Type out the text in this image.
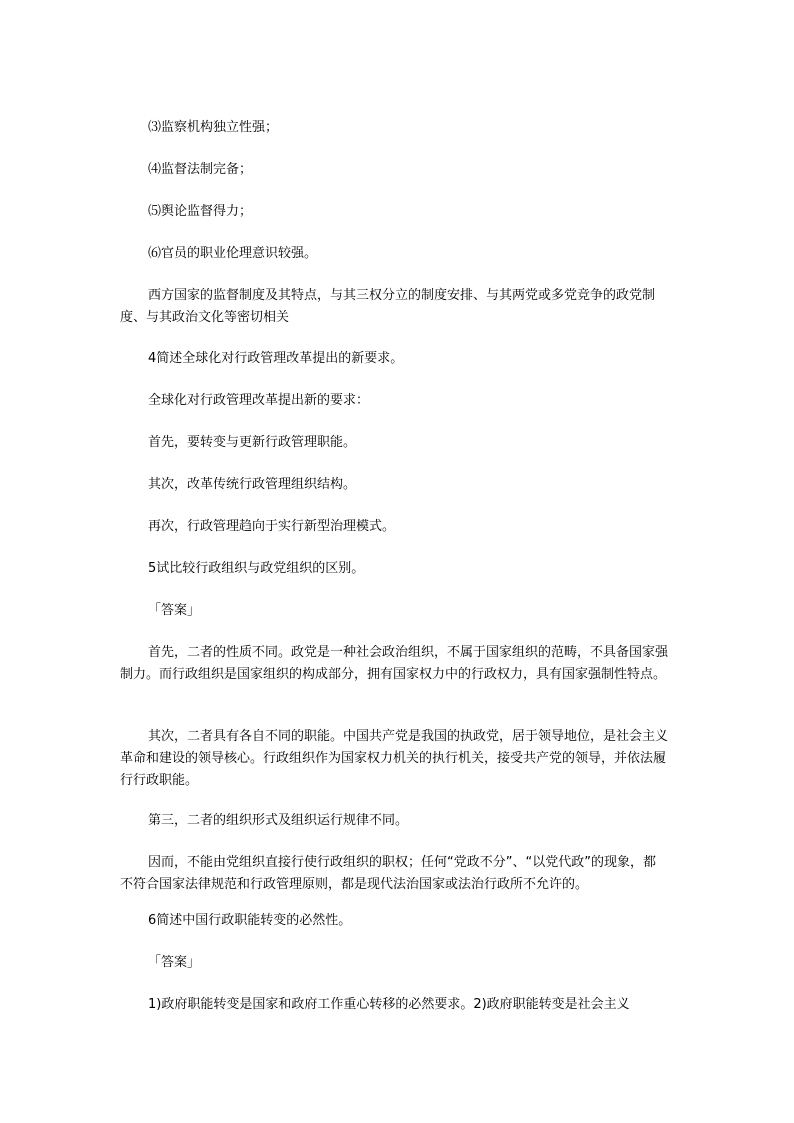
⑶监察机构独立性强；

⑷监督法制完备；

⑸舆论监督得力；

⑹官员的职业伦理意识较强。

西方国家的监督制度及其特点，与其三权分立的制度安排、与其两党或多党竞争的政党制度、与其政治文化等密切相关

4简述全球化对行政管理改革提出的新要求。

全球化对行政管理改革提出新的要求：

首先，要转变与更新行政管理职能。

其次，改革传统行政管理组织结构。

再次，行政管理趋向于实行新型治理模式。

5试比较行政组织与政党组织的区别。

「答案」

首先，二者的性质不同。政党是一种社会政治组织，不属于国家组织的范畴，不具备国家强制力。而行政组织是国家组织的构成部分，拥有国家权力中的行政权力，具有国家强制性特点。

其次，二者具有各自不同的职能。中国共产党是我国的执政党，居于领导地位，是社会主义革命和建设的领导核心。行政组织作为国家权力机关的执行机关，接受共产党的领导，并依法履行行政职能。

第三，二者的组织形式及组织运行规律不同。

因而，不能由党组织直接行使行政组织的职权；任何“党政不分”、“以党代政”的现象，都不符合国家法律规范和行政管理原则，都是现代法治国家或法治行政所不允许的。

6简述中国行政职能转变的必然性。

「答案」

1)政府职能转变是国家和政府工作重心转移的必然要求。2)政府职能转变是社会主义
